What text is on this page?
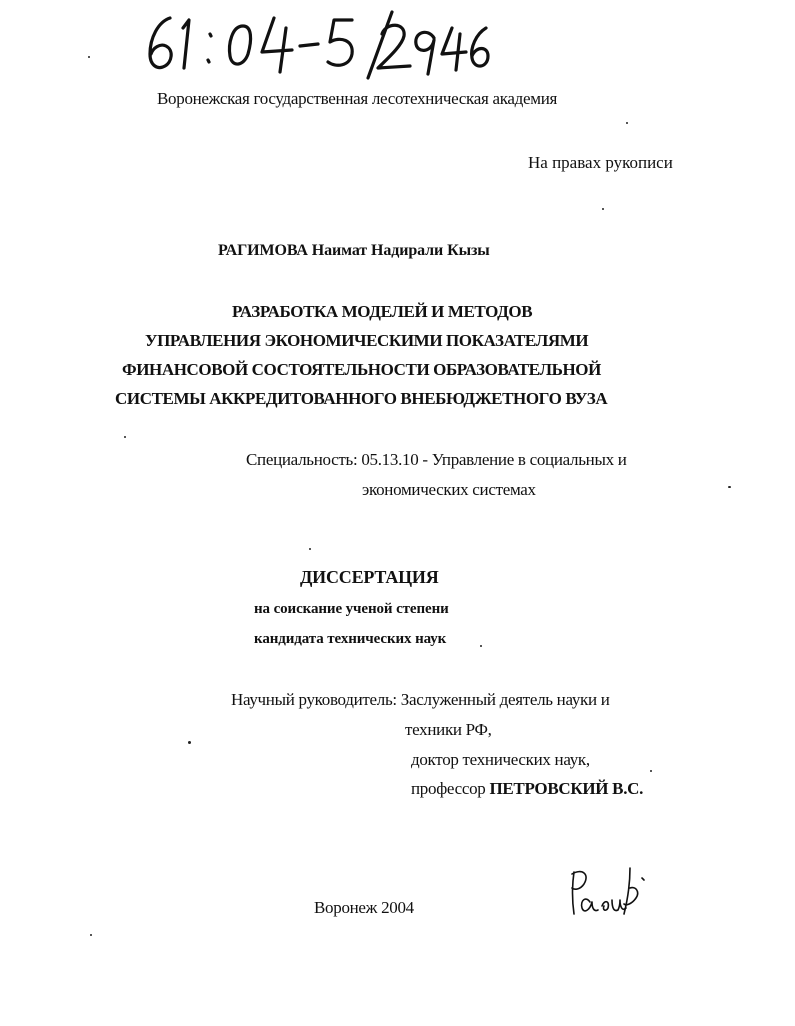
Воронежская государственная лесотехническая академия
На правах рукописи
РАГИМОВА Наимат Надирали Кызы
РАЗРАБОТКА МОДЕЛЕЙ И МЕТОДОВ
УПРАВЛЕНИЯ ЭКОНОМИЧЕСКИМИ ПОКАЗАТЕЛЯМИ
ФИНАНСОВОЙ СОСТОЯТЕЛЬНОСТИ ОБРАЗОВАТЕЛЬНОЙ
СИСТЕМЫ АККРЕДИТОВАННОГО ВНЕБЮДЖЕТНОГО ВУЗА
Специальность: 05.13.10 - Управление в социальных и
экономических системах
ДИССЕРТАЦИЯ
на соискание ученой степени
кандидата технических наук
Научный руководитель: Заслуженный деятель науки и
техники РФ,
доктор технических наук,
профессор ПЕТРОВСКИЙ В.С.
Воронеж 2004
